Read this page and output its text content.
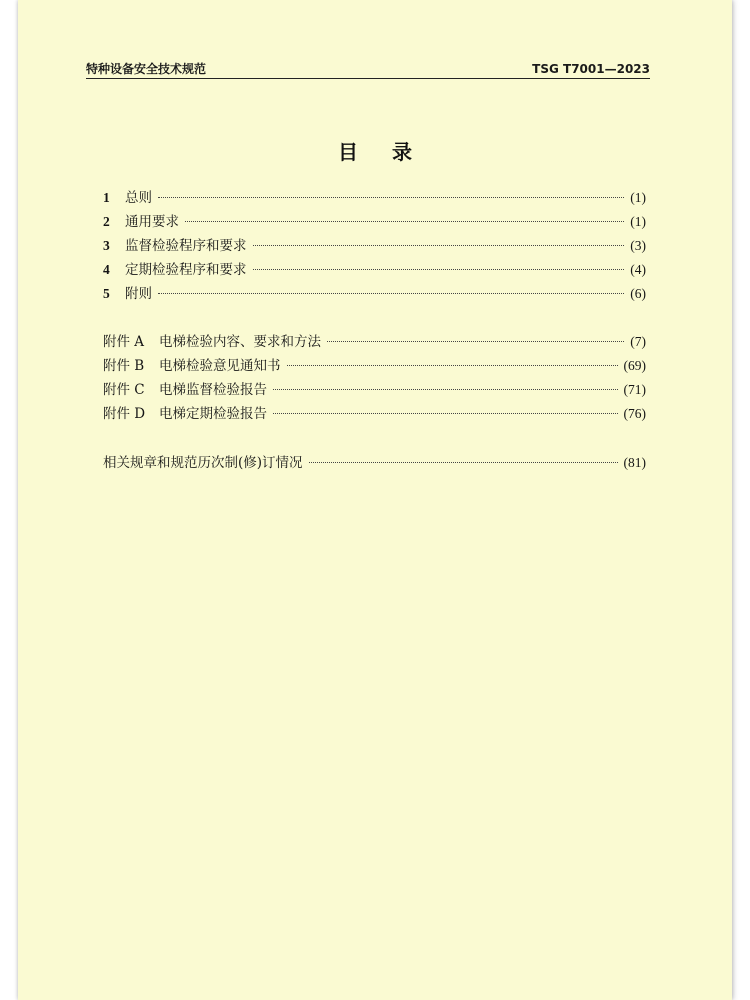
特种设备安全技术规范	TSG T7001—2023
目录
1	总则	(1)
2	通用要求	(1)
3	监督检验程序和要求	(3)
4	定期检验程序和要求	(4)
5	附则	(6)
附件 A	电梯检验内容、要求和方法	(7)
附件 B	电梯检验意见通知书	(69)
附件 C	电梯监督检验报告	(71)
附件 D	电梯定期检验报告	(76)
相关规章和规范历次制(修)订情况	(81)
